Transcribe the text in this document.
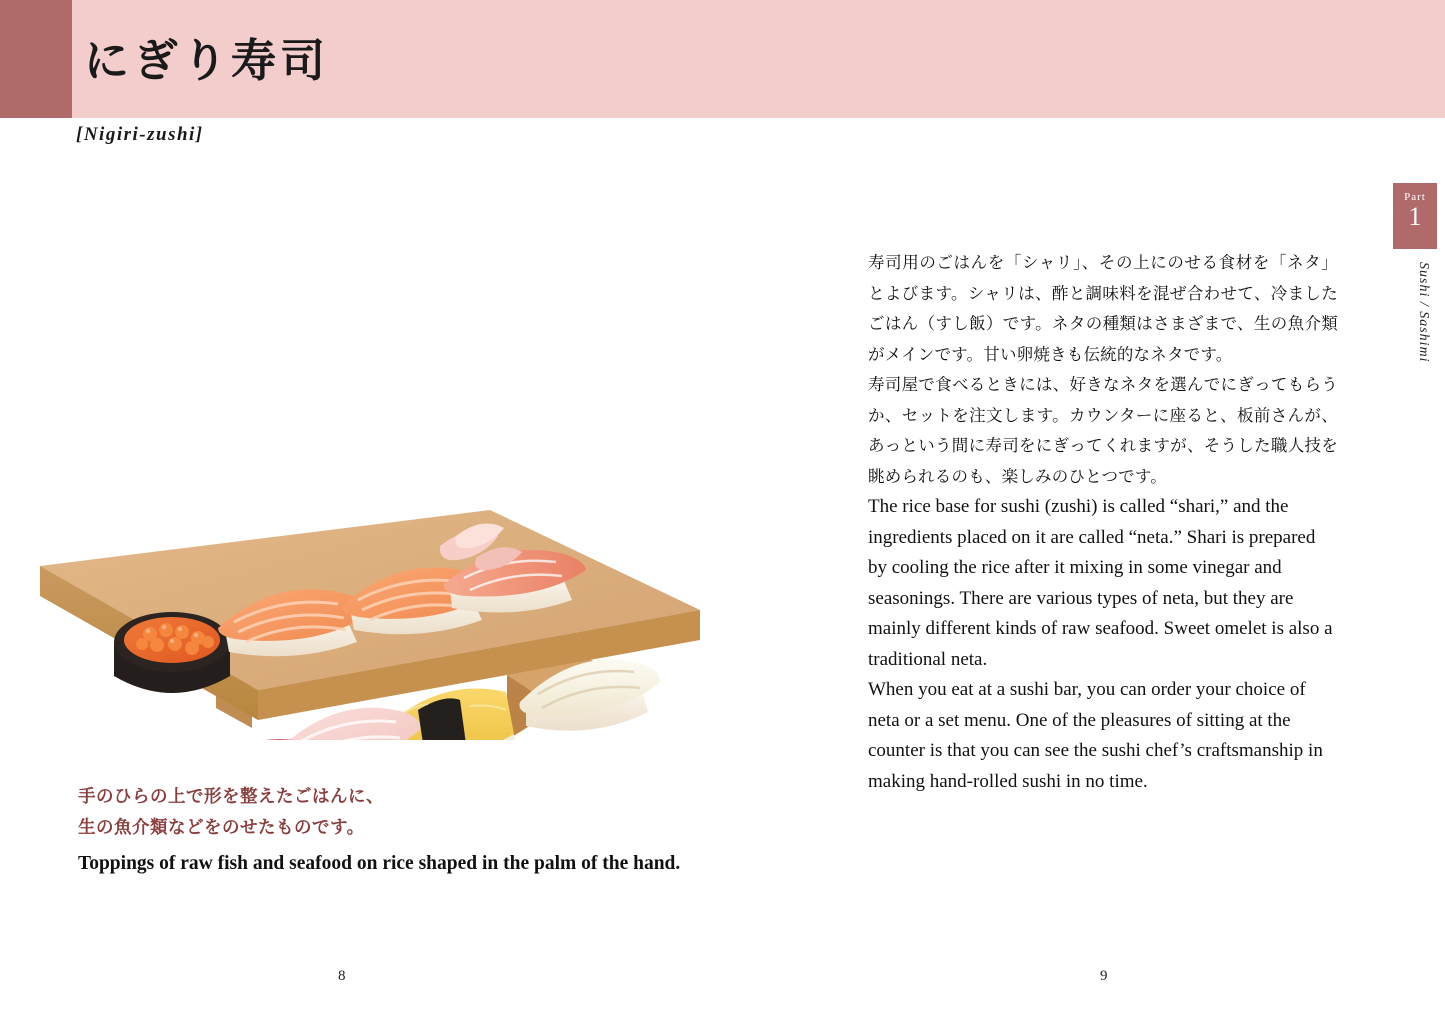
にぎり寿司
[Nigiri-zushi]
Part
1
Sushi / Sashimi
手のひらの上で形を整えたごはんに、
生の魚介類などをのせたものです。
Toppings of raw fish and seafood on rice shaped in the palm of the hand.

寿司用のごはんを「シャリ」、その上にのせる食材を「ネタ」とよびます。シャリは、酢と調味料を混ぜ合わせて、冷ましたごはん（すし飯）です。ネタの種類はさまざまで、生の魚介類がメインです。甘い卵焼きも伝統的なネタです。

寿司屋で食べるときには、好きなネタを選んでにぎってもらうか、セットを注文します。カウンターに座ると、板前さんが、あっという間に寿司をにぎってくれますが、そうした職人技を眺められるのも、楽しみのひとつです。

The rice base for sushi (zushi) is called “shari,” and the ingredients placed on it are called “neta.” Shari is prepared by cooling the rice after it mixing in some vinegar and seasonings. There are various types of neta, but they are mainly different kinds of raw seafood. Sweet omelet is also a traditional neta.

When you eat at a sushi bar, you can order your choice of neta or a set menu. One of the pleasures of sitting at the counter is that you can see the sushi chef’s craftsmanship in making hand-rolled sushi in no time.

8	9
